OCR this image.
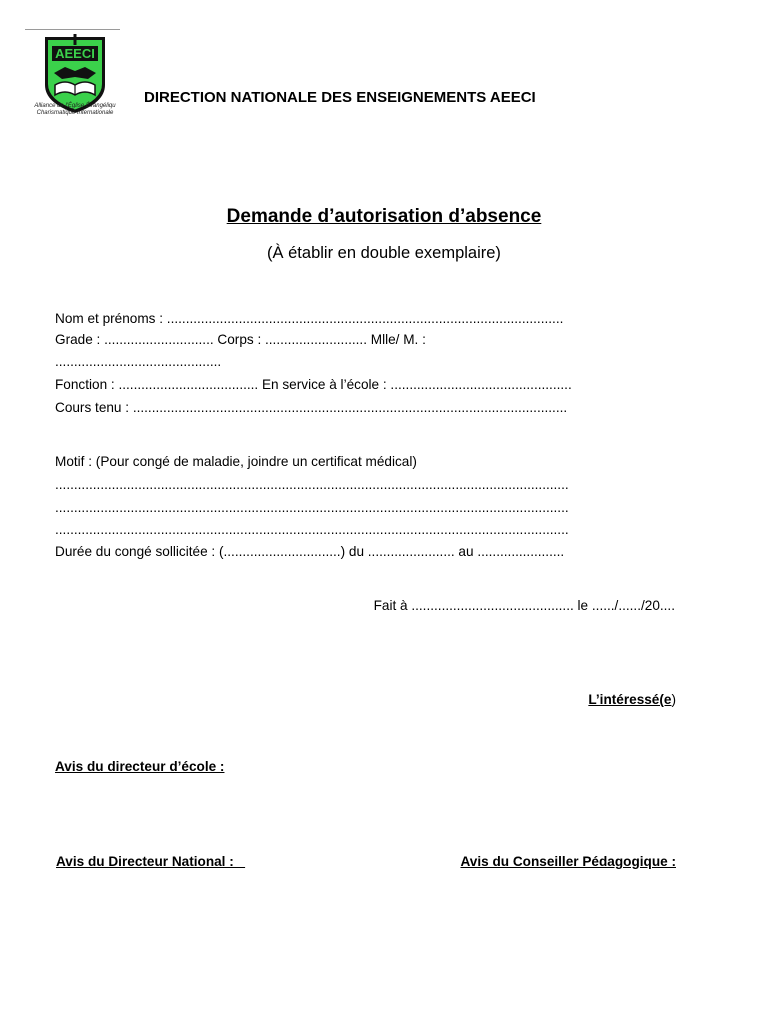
AEECI
Alliance de l'Église Évangéliqu
Charismatique Internationale
DIRECTION NATIONALE DES ENSEIGNEMENTS AEECI
Demande d’autorisation d’absence
(À établir en double exemplaire)
Nom et prénoms : .........................................................................................................
Grade : ............................. Corps : ........................... Mlle/ M. :
............................................
Fonction : ..................................... En service à l’école : ................................................
Cours tenu : ...................................................................................................................
Motif : (Pour congé de maladie, joindre un certificat médical)
........................................................................................................................................
........................................................................................................................................
........................................................................................................................................
Durée du congé sollicitée : (...............................) du ....................... au .......................
Fait à ........................................... le ....../....../20....
L’intéressé(e)
Avis du directeur d’école :
Avis du Directeur National :	Avis du Conseiller Pédagogique :
